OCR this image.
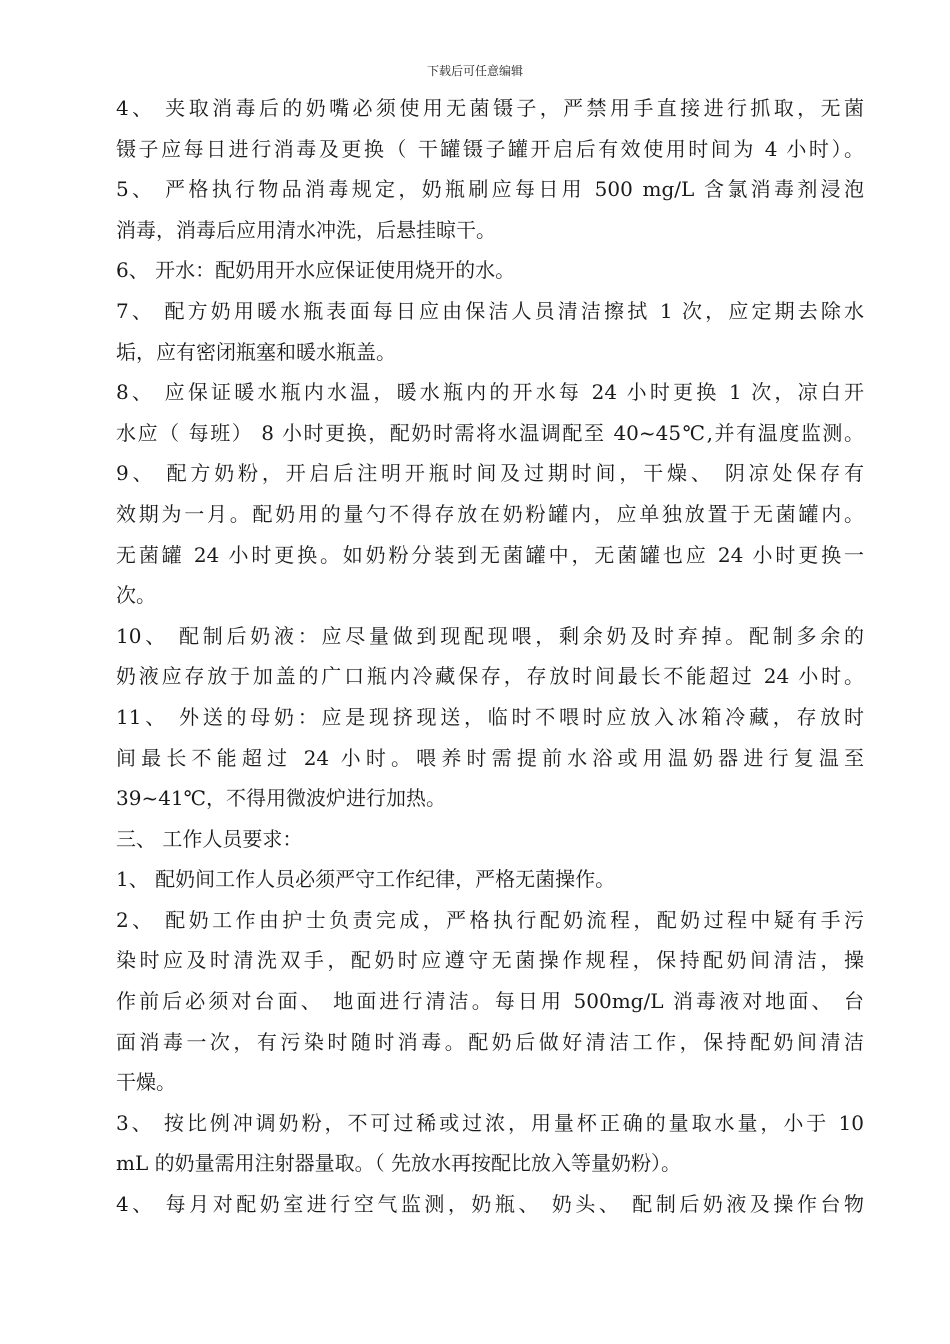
下载后可任意编辑
4、 夹取消毒后的奶嘴必须使用无菌镊子，严禁用手直接进行抓取，无菌
镊子应每日进行消毒及更换（ 干罐镊子罐开启后有效使用时间为 4 小时）。
5、 严格执行物品消毒规定，奶瓶刷应每日用 500 mg/L 含氯消毒剂浸泡
消毒，消毒后应用清水冲洗，后悬挂晾干。
6、 开水：配奶用开水应保证使用烧开的水。
7、 配方奶用暖水瓶表面每日应由保洁人员清洁擦拭 1 次，应定期去除水
垢，应有密闭瓶塞和暖水瓶盖。
8、 应保证暖水瓶内水温，暖水瓶内的开水每 24 小时更换 1 次，凉白开
水应（ 每班） 8 小时更换，配奶时需将水温调配至 40~45℃,并有温度监测。
9、 配方奶粉，开启后注明开瓶时间及过期时间，干燥、 阴凉处保存有
效期为一月。配奶用的量勺不得存放在奶粉罐内，应单独放置于无菌罐内。
无菌罐 24 小时更换。如奶粉分装到无菌罐中，无菌罐也应 24 小时更换一
次。
10、 配制后奶液：应尽量做到现配现喂，剩余奶及时弃掉。配制多余的
奶液应存放于加盖的广口瓶内冷藏保存，存放时间最长不能超过 24 小时。
11、 外送的母奶：应是现挤现送，临时不喂时应放入冰箱冷藏，存放时
间最长不能超过 24 小时。喂养时需提前水浴或用温奶器进行复温至
39~41℃，不得用微波炉进行加热。
三、 工作人员要求：
1、 配奶间工作人员必须严守工作纪律，严格无菌操作。
2、 配奶工作由护士负责完成，严格执行配奶流程，配奶过程中疑有手污
染时应及时清洗双手，配奶时应遵守无菌操作规程，保持配奶间清洁，操
作前后必须对台面、 地面进行清洁。每日用 500mg/L 消毒液对地面、 台
面消毒一次，有污染时随时消毒。配奶后做好清洁工作，保持配奶间清洁
干燥。
3、 按比例冲调奶粉，不可过稀或过浓，用量杯正确的量取水量，小于 10
mL 的奶量需用注射器量取。（ 先放水再按配比放入等量奶粉）。
4、 每月对配奶室进行空气监测，奶瓶、 奶头、 配制后奶液及操作台物
